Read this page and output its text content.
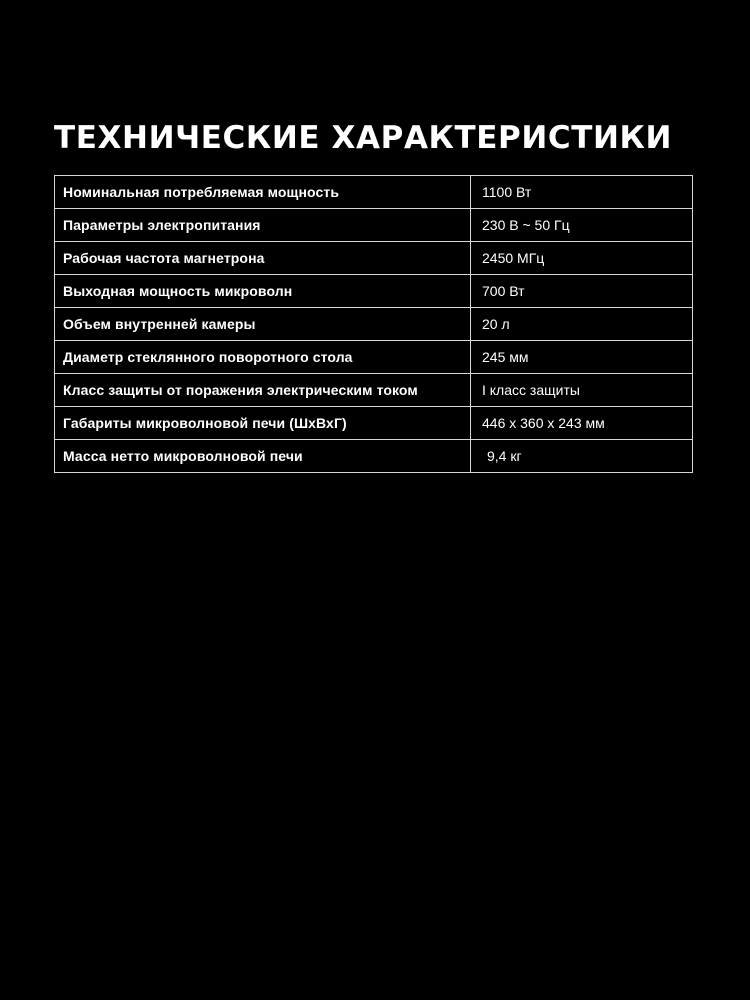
ТЕХНИЧЕСКИЕ ХАРАКТЕРИСТИКИ
Номинальная потребляемая мощность	1100 Вт
Параметры электропитания	230 В ~ 50 Гц
Рабочая частота магнетрона	2450 МГц
Выходная мощность микроволн	700 Вт
Объем внутренней камеры	20 л
Диаметр стеклянного поворотного стола	245 мм
Класс защиты от поражения электрическим током	I класс защиты
Габариты микроволновой печи (ШхВхГ)	446 x 360 x 243 мм
Масса нетто микроволновой печи	9,4 кг
